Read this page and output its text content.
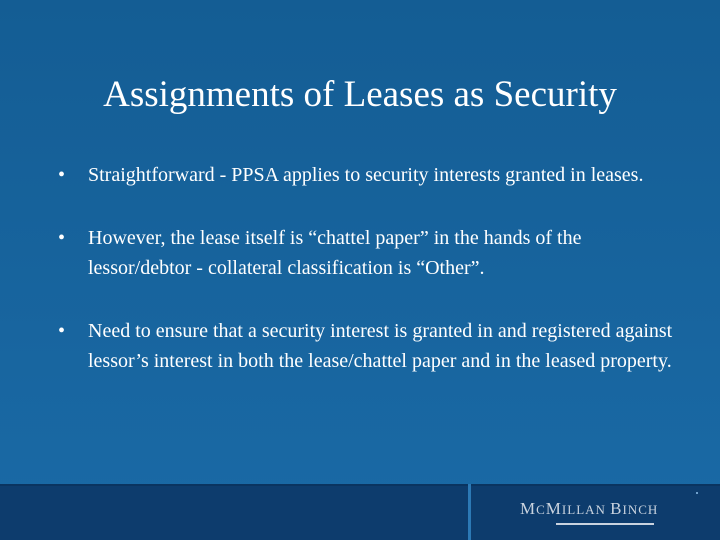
Assignments of Leases as Security
• Straightforward - PPSA applies to security interests granted in leases.
• However, the lease itself is “chattel paper” in the hands of the lessor/debtor - collateral classification is “Other”.
• Need to ensure that a security interest is granted in and registered against lessor’s interest in both the lease/chattel paper and in the leased property.
MCMILLAN BINCH
